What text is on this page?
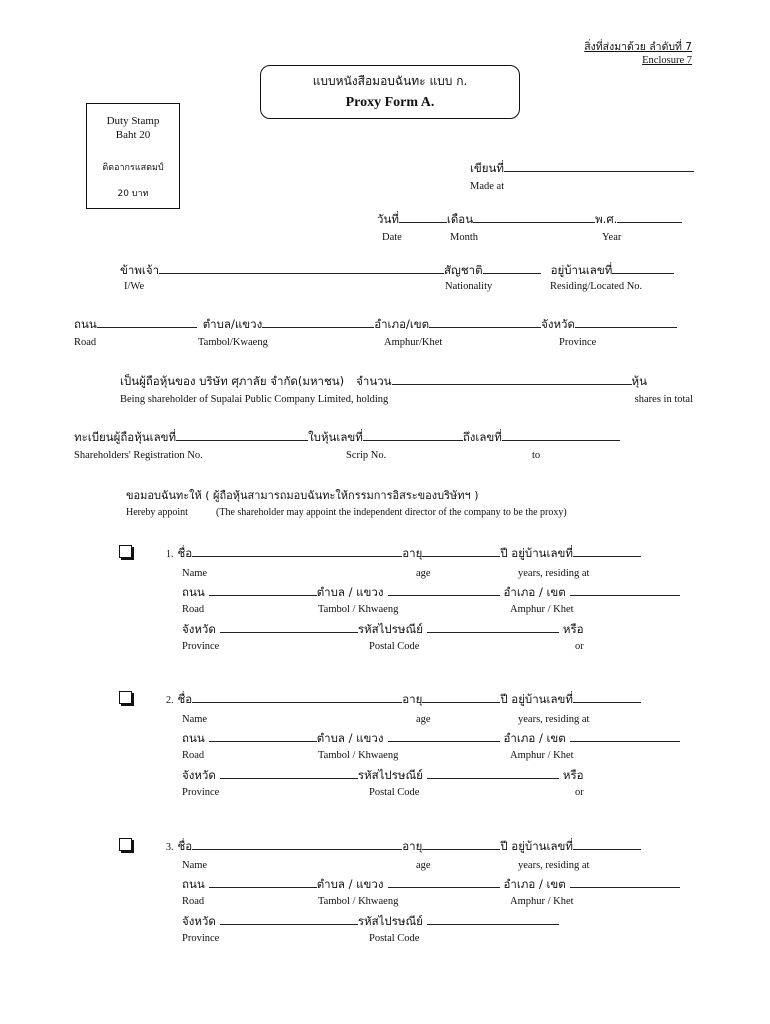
สิ่งที่ส่งมาด้วย ลำดับที่ 7
Enclosure 7
แบบหนังสือมอบฉันทะ แบบ ก.
Proxy Form A.
Duty Stamp
Baht 20
ติดอากรแสตมป์
20 บาท
เขียนที่
Made at
วันที่	เดือน	พ.ศ.
Date	Month	Year
ข้าพเจ้า	สัญชาติ	อยู่บ้านเลขที่
I/We	Nationality	Residing/Located No.
ถนน	ตำบล/แขวง	อำเภอ/เขต	จังหวัด
Road	Tambol/Kwaeng	Amphur/Khet	Province
เป็นผู้ถือหุ้นของ บริษัท ศุภาลัย จำกัด(มหาชน) จำนวน	หุ้น
Being shareholder of Supalai Public Company Limited, holding	shares in total
ทะเบียนผู้ถือหุ้นเลขที่	ใบหุ้นเลขที่	ถึงเลขที่
Shareholders' Registration No.	Scrip No.	to
ขอมอบฉันทะให้ ( ผู้ถือหุ้นสามารถมอบฉันทะให้กรรมการอิสระของบริษัทฯ )
Hereby appoint	(The shareholder may appoint the independent director of the company to be the proxy)
1. ชื่อ	อายุ	ปี อยู่บ้านเลขที่
Name	age	years, residing at
ถนน	ตำบล / แขวง	อำเภอ / เขต
Road	Tambol / Khwaeng	Amphur / Khet
จังหวัด	รหัสไปรษณีย์	หรือ
Province	Postal Code	or
2. ชื่อ	อายุ	ปี อยู่บ้านเลขที่
Name	age	years, residing at
ถนน	ตำบล / แขวง	อำเภอ / เขต
Road	Tambol / Khwaeng	Amphur / Khet
จังหวัด	รหัสไปรษณีย์	หรือ
Province	Postal Code	or
3. ชื่อ	อายุ	ปี อยู่บ้านเลขที่
Name	age	years, residing at
ถนน	ตำบล / แขวง	อำเภอ / เขต
Road	Tambol / Khwaeng	Amphur / Khet
จังหวัด	รหัสไปรษณีย์
Province	Postal Code
